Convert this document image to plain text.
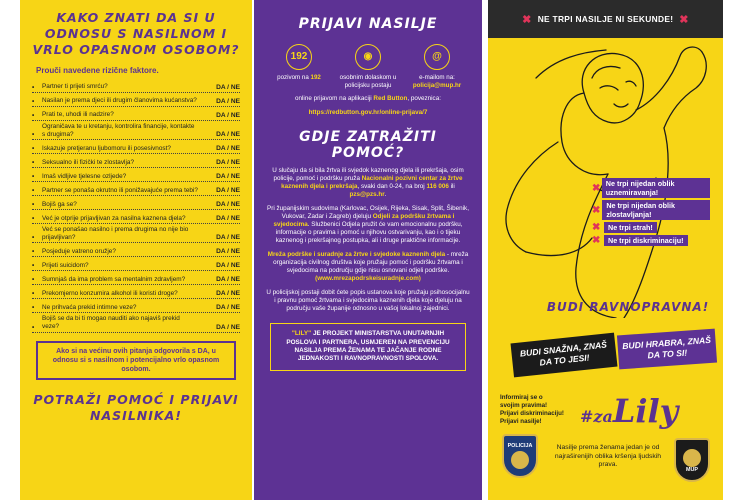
KAKO ZNATI DA SI U ODNOSU S NASILNOM I VRLO OPASNOM OSOBOM?
Prouči navedene rizične faktore.
•	Partner ti prijeti smrću?	DA / NE
•	Nasilan je prema djeci ili drugim članovima kućanstva?	DA / NE
•	Prati te, uhodi ili nadzire?	DA / NE
•
Ograničava te u kretanju, kontrolira financije, kontakte s drugima?	DA / NE
•	Iskazuje pretjeranu ljubomoru ili posesivnost?	DA / NE
•	Seksualno ili fizički te zlostavlja?	DA / NE
•	Imaš vidljive tjelesne ozljede?	DA / NE
•	Partner se ponaša okrutno ili ponižavajuće prema tebi?	DA / NE
•	Bojiš ga se?	DA / NE
•	Već je otprije prijavljivan za nasilna kaznena djela?	DA / NE
•
Već se ponašao nasilno i prema drugima no nije bio prijavljivan?	DA / NE
•	Posjeduje vatreno oružje?	DA / NE
•	Prijeti suicidom?	DA / NE
•	Sumnjaš da ima problem sa mentalnim zdravljem?	DA / NE
•	Prekomjerno konzumira alkohol ili koristi droge?	DA / NE
•	Ne prihvaća prekid intimne veze?	DA / NE
•
Bojiš se da bi ti mogao nauditi ako najaviš prekid veze?	DA / NE
Ako si na većinu ovih pitanja odgovorila s DA, u odnosu si s nasilnom i potencijalno vrlo opasnom osobom.
POTRAŽI POMOĆ I PRIJAVI NASILNIKA!
PRIJAVI NASILJE
192
pozivom na 192
◉
osobnim dolaskom u policijsku postaju
@
e-mailom na: policija@mup.hr

online prijavom na aplikaciji Red Button, poveznica:

https://redbutton.gov.hr/online-prijava/7

GDJE ZATRAŽITI POMOĆ?

U slučaju da si bila žrtva ili svjedok kaznenog djela ili prekršaja, osim policije, pomoć i podršku pruža Nacionalni pozivni centar za žrtve kaznenih djela i prekršaja, svaki dan 0-24, na broj 116 006 ili pzs@pzs.hr.

Pri županijskim sudovima (Karlovac, Osijek, Rijeka, Sisak, Split, Šibenik, Vukovar, Zadar i Zagreb) djeluju Odjeli za podršku žrtvama i svjedocima. Službenici Odjela pružit će vam emocionalnu podršku, informacije o pravima i pomoć u njihovu ostvarivanju, kao i o tijeku kaznenog i prekršajnog postupka, ali i druge praktične informacije.

Mreža podrške i suradnje za žrtve i svjedoke kaznenih djela - mreža organizacija civilnog društva koje pružaju pomoć i podršku žrtvama i svjedocima na području gdje nisu osnovani odjeli podrške.
(www.mrezapodrskeisuradnje.com)

U policijskoj postaji dobit ćete popis ustanova koje pružaju psihosocijalnu i pravnu pomoć žrtvama i svjedocima kaznenih djela koje djeluju na području vaše županije odnosno u vašoj lokalnoj zajednici.

"LILY" JE PROJEKT MINISTARSTVA UNUTARNJIH POSLOVA I PARTNERA, USMJEREN NA PREVENCIJU NASILJA PREMA ŽENAMA TE JAČANJE RODNE JEDNAKOSTI I RAVNOPRAVNOSTI SPOLOVA.
✖ NE TRPI NASILJE NI SEKUNDE! ✖
✖ Ne trpi nijedan oblik uznemiravanja!
✖ Ne trpi nijedan oblik zlostavljanja!
✖	Ne trpi strah!
✖	Ne trpi diskriminaciju!
BUDI RAVNOPRAVNA!
BUDI SNAŽNA, ZNAŠ DA TO JESI!
BUDI HRABRA, ZNAŠ DA TO SI!
Informiraj se o
svojim pravima!
Prijavi diskriminaciju!
Prijavi nasilje!	#zaLily
POLICIJA	Nasilje prema ženama jedan je od najraširenijih oblika kršenja ljudskih prava.
MUP
